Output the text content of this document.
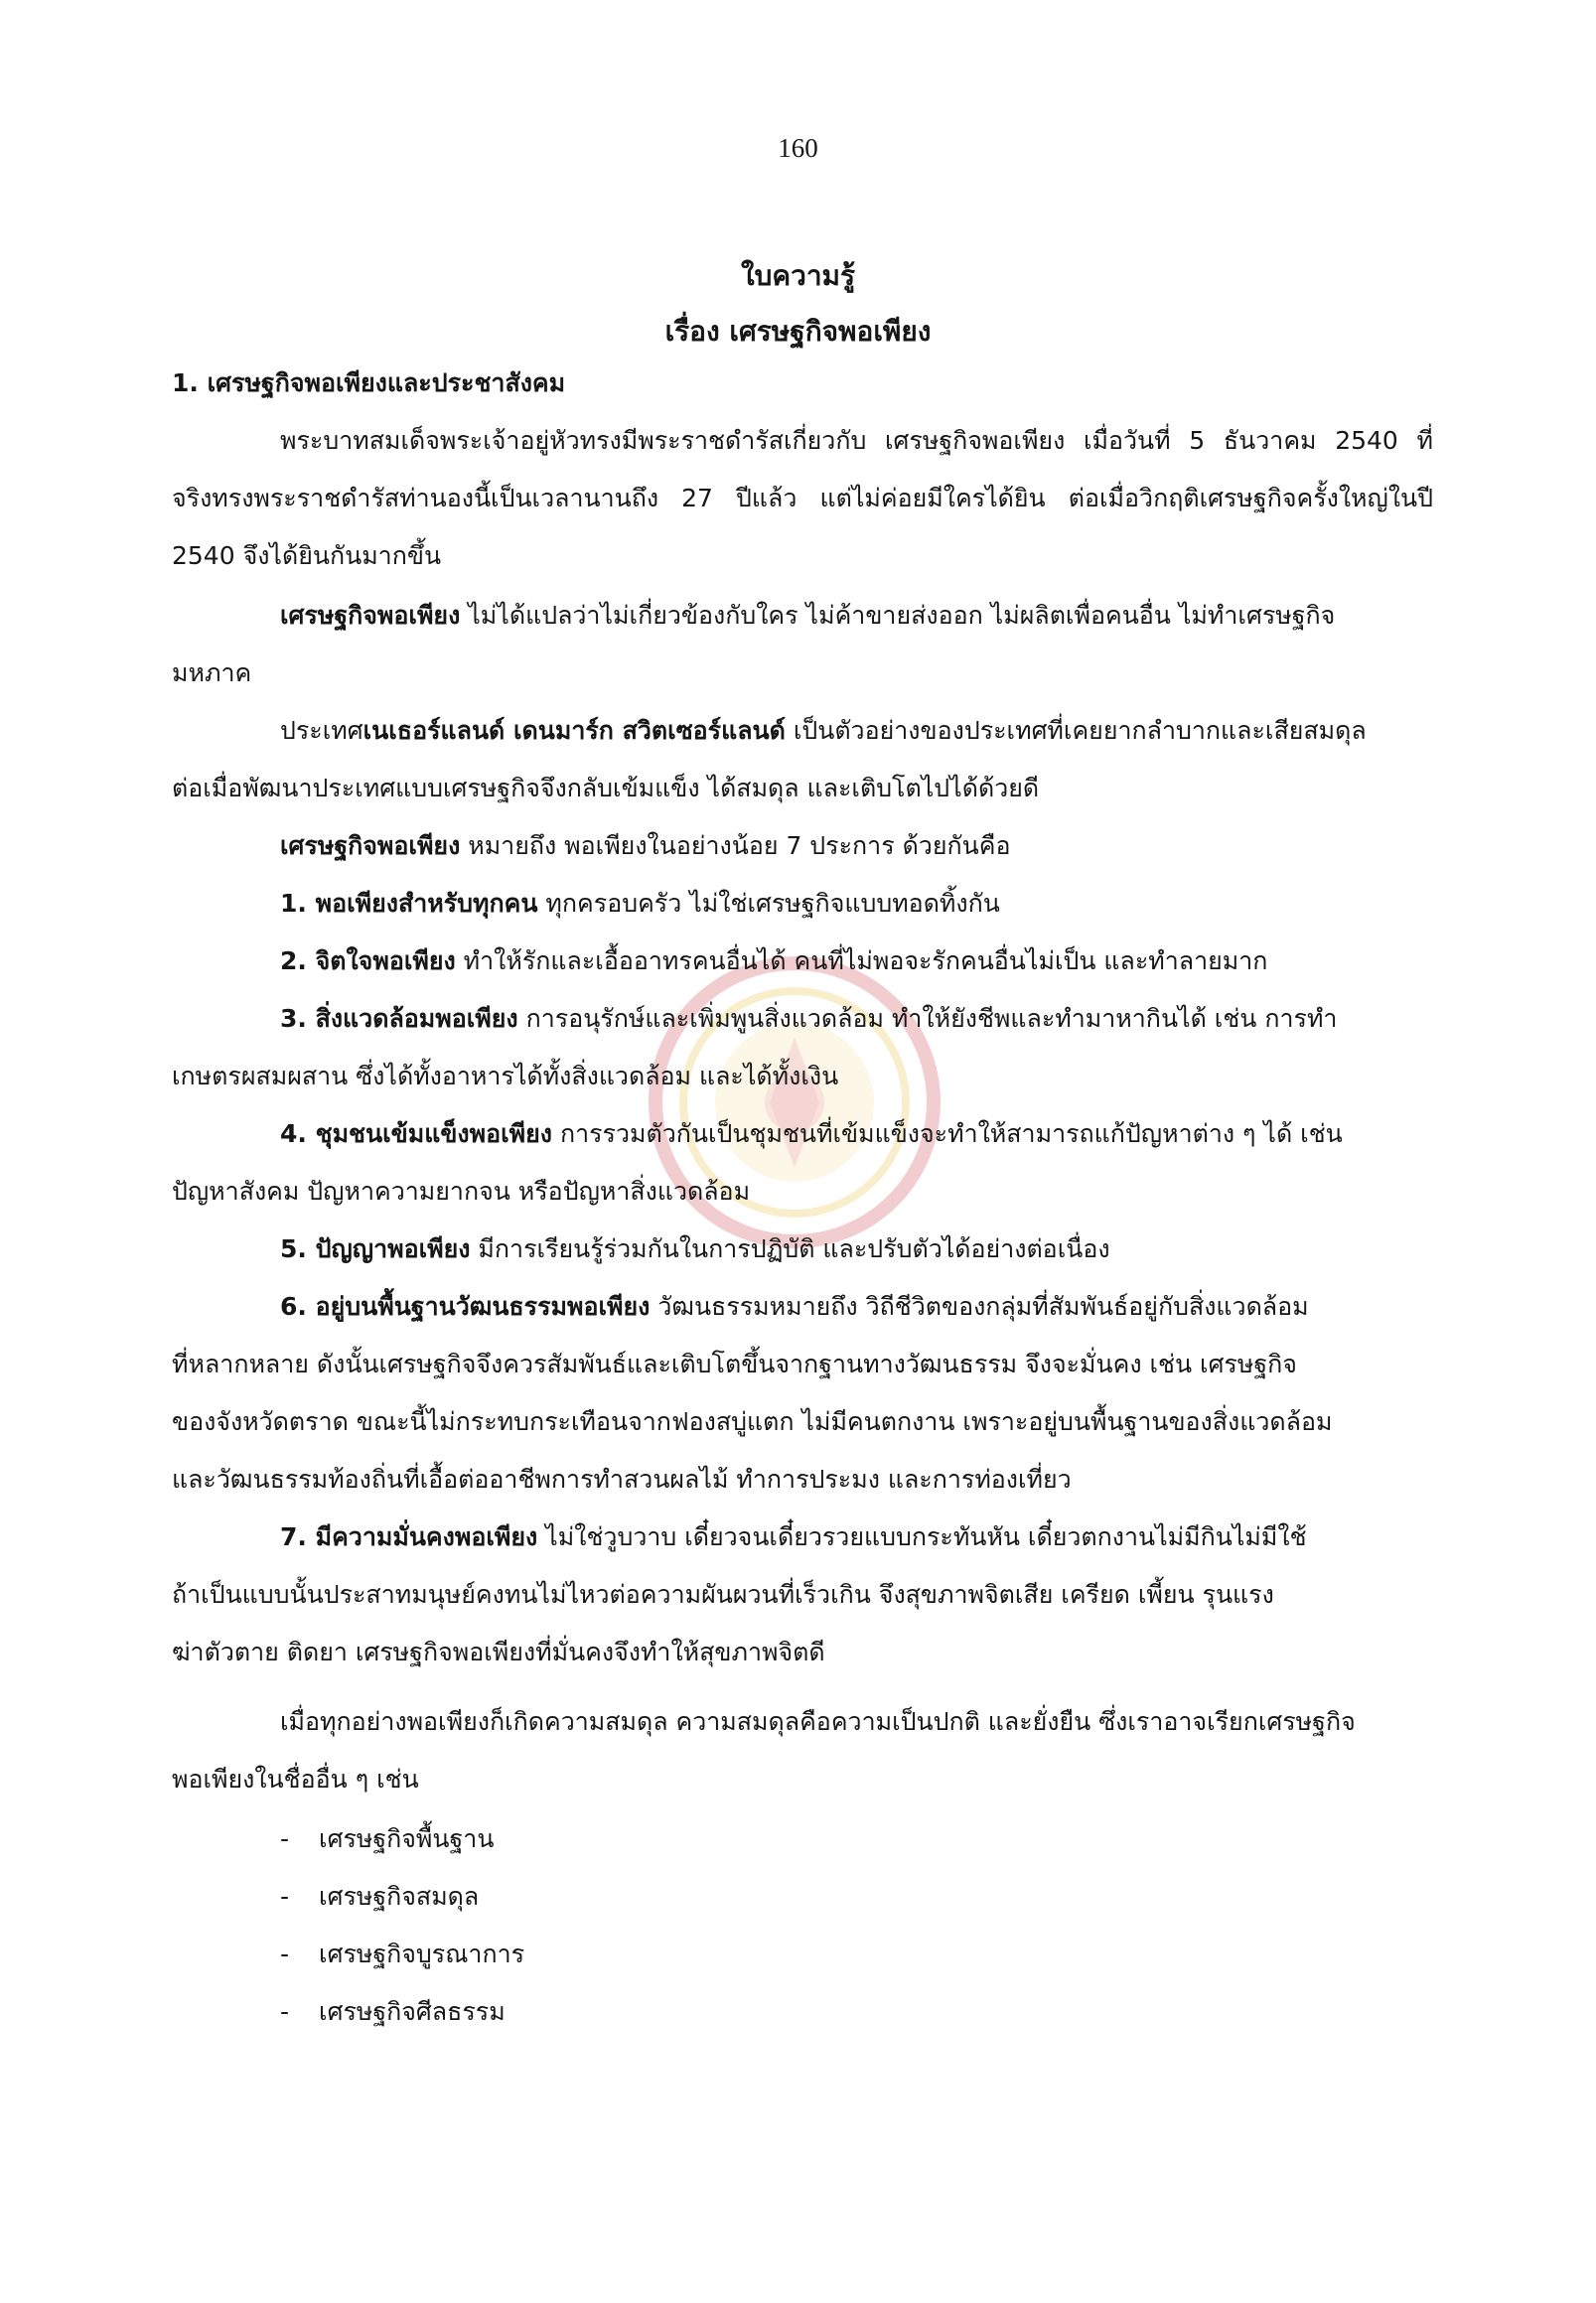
160
ใบความรู้
เรื่อง เศรษฐกิจพอเพียง
1. เศรษฐกิจพอเพียงและประชาสังคม
พระบาทสมเด็จพระเจ้าอยู่หัวทรงมีพระราชดำรัสเกี่ยวกับ เศรษฐกิจพอเพียง เมื่อวันที่ 5 ธันวาคม 2540 ที่
จริงทรงพระราชดำรัสท่านองนี้เป็นเวลานานถึง 27 ปีแล้ว แต่ไม่ค่อยมีใครได้ยิน ต่อเมื่อวิกฤติเศรษฐกิจครั้งใหญ่ในปี
2540 จึงได้ยินกันมากขึ้น
เศรษฐกิจพอเพียง ไม่ได้แปลว่าไม่เกี่ยวข้องกับใคร ไม่ค้าขายส่งออก ไม่ผลิตเพื่อคนอื่น ไม่ทำเศรษฐกิจ
มหภาค
ประเทศเนเธอร์แลนด์ เดนมาร์ก สวิตเซอร์แลนด์ เป็นตัวอย่างของประเทศที่เคยยากลำบากและเสียสมดุล
ต่อเมื่อพัฒนาประเทศแบบเศรษฐกิจจึงกลับเข้มแข็ง ได้สมดุล และเติบโตไปได้ด้วยดี
เศรษฐกิจพอเพียง หมายถึง พอเพียงในอย่างน้อย 7 ประการ ด้วยกันคือ
1. พอเพียงสำหรับทุกคน ทุกครอบครัว ไม่ใช่เศรษฐกิจแบบทอดทิ้งกัน
2. จิตใจพอเพียง ทำให้รักและเอื้ออาทรคนอื่นได้ คนที่ไม่พอจะรักคนอื่นไม่เป็น และทำลายมาก
3. สิ่งแวดล้อมพอเพียง การอนุรักษ์และเพิ่มพูนสิ่งแวดล้อม ทำให้ยังชีพและทำมาหากินได้ เช่น การทำ
เกษตรผสมผสาน ซึ่งได้ทั้งอาหารได้ทั้งสิ่งแวดล้อม และได้ทั้งเงิน
4. ชุมชนเข้มแข็งพอเพียง การรวมตัวกันเป็นชุมชนที่เข้มแข็งจะทำให้สามารถแก้ปัญหาต่าง ๆ ได้ เช่น
ปัญหาสังคม ปัญหาความยากจน หรือปัญหาสิ่งแวดล้อม
5. ปัญญาพอเพียง มีการเรียนรู้ร่วมกันในการปฏิบัติ และปรับตัวได้อย่างต่อเนื่อง
6. อยู่บนพื้นฐานวัฒนธรรมพอเพียง วัฒนธรรมหมายถึง วิถีชีวิตของกลุ่มที่สัมพันธ์อยู่กับสิ่งแวดล้อม
ที่หลากหลาย ดังนั้นเศรษฐกิจจึงควรสัมพันธ์และเติบโตขึ้นจากฐานทางวัฒนธรรม จึงจะมั่นคง เช่น เศรษฐกิจ
ของจังหวัดตราด ขณะนี้ไม่กระทบกระเทือนจากฟองสบู่แตก ไม่มีคนตกงาน เพราะอยู่บนพื้นฐานของสิ่งแวดล้อม
และวัฒนธรรมท้องถิ่นที่เอื้อต่ออาชีพการทำสวนผลไม้ ทำการประมง และการท่องเที่ยว
7. มีความมั่นคงพอเพียง ไม่ใช่วูบวาบ เดี๋ยวจนเดี๋ยวรวยแบบกระทันหัน เดี๋ยวตกงานไม่มีกินไม่มีใช้
ถ้าเป็นแบบนั้นประสาทมนุษย์คงทนไม่ไหวต่อความผันผวนที่เร็วเกิน จึงสุขภาพจิตเสีย เครียด เพี้ยน รุนแรง
ฆ่าตัวตาย ติดยา เศรษฐกิจพอเพียงที่มั่นคงจึงทำให้สุขภาพจิตดี
เมื่อทุกอย่างพอเพียงก็เกิดความสมดุล ความสมดุลคือความเป็นปกติ และยั่งยืน ซึ่งเราอาจเรียกเศรษฐกิจ
พอเพียงในชื่ออื่น ๆ เช่น
- เศรษฐกิจพื้นฐาน
- เศรษฐกิจสมดุล
- เศรษฐกิจบูรณาการ
- เศรษฐกิจศีลธรรม
